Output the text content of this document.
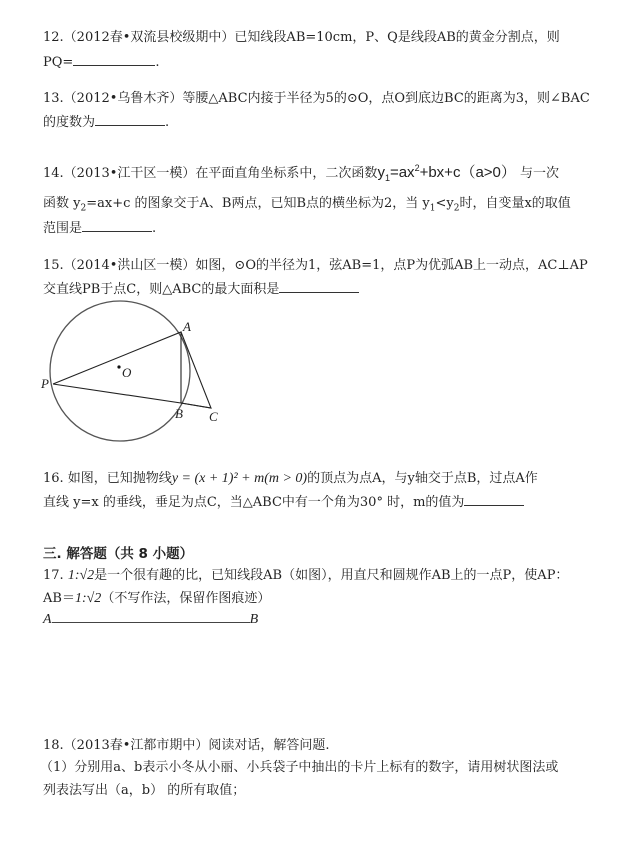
12.（2012春•双流县校级期中）已知线段AB=10cm，P、Q是线段AB的黄金分割点，则
PQ=	.
13.（2012•乌鲁木齐）等腰△ABC内接于半径为5的⊙O，点O到底边BC的距离为3，则∠BAC
的度数为	.
14.（2013•江干区一模）在平面直角坐标系中，二次函数$y_1=ax^2+bx+c(a>0)$ 与一次
函数 $y_2=ax+c$ 的图象交于A、B两点，已知B点的横坐标为2，当 $y_1<y_2$时，自变量x的取值
范围是	.
15.（2014•洪山区一模）如图，⊙O的半径为1，弦AB=1，点P为优弧AB上一动点，AC⊥AP
交直线PB于点C，则△ABC的最大面积是
A
B C
P
O
16. 如图，已知抛物线y = (x + 1)² + m(m > 0)的顶点为点A，与y轴交于点B，过点A作
直线 y=x 的垂线，垂足为点C，当△ABC中有一个角为30° 时，m的值为
三. 解答题（共 8 小题）
17. 1:√2是一个很有趣的比，已知线段AB（如图），用直尺和圆规作AB上的一点P，使AP：
AB＝1:√2（不写作法，保留作图痕迹）
A	B
18.（2013春•江都市期中）阅读对话，解答问题.
（1）分别用a、b表示小冬从小丽、小兵袋子中抽出的卡片上标有的数字，请用树状图法或
列表法写出（a，b） 的所有取值；
